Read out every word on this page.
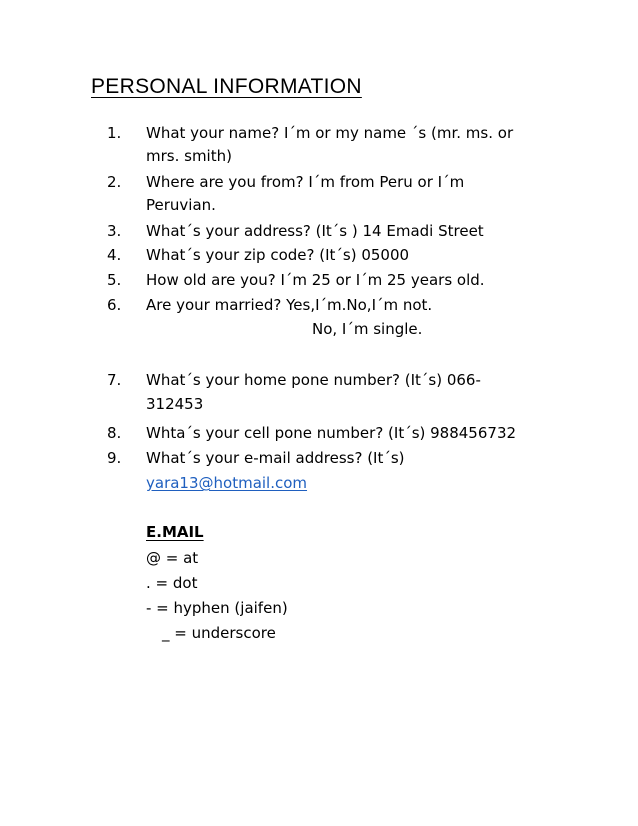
PERSONAL INFORMATION
1. What your name? I´m or my name ´s (mr. ms. or
mrs. smith)
2. Where are you from? I´m from Peru or I´m
Peruvian.
3. What´s your address? (It´s ) 14 Emadi Street
4. What´s your zip code? (It´s) 05000
5. How old are you? I´m 25 or I´m 25 years old.
6. Are your married? Yes,I´m.No,I´m not.
No, I´m single.
7. What´s your home pone number? (It´s) 066-
312453
8. Whta´s your cell pone number? (It´s) 988456732
9. What´s your e-mail address? (It´s)
yara13@hotmail.com
E.MAIL
@ = at
. = dot
- = hyphen (jaifen)
_ = underscore
